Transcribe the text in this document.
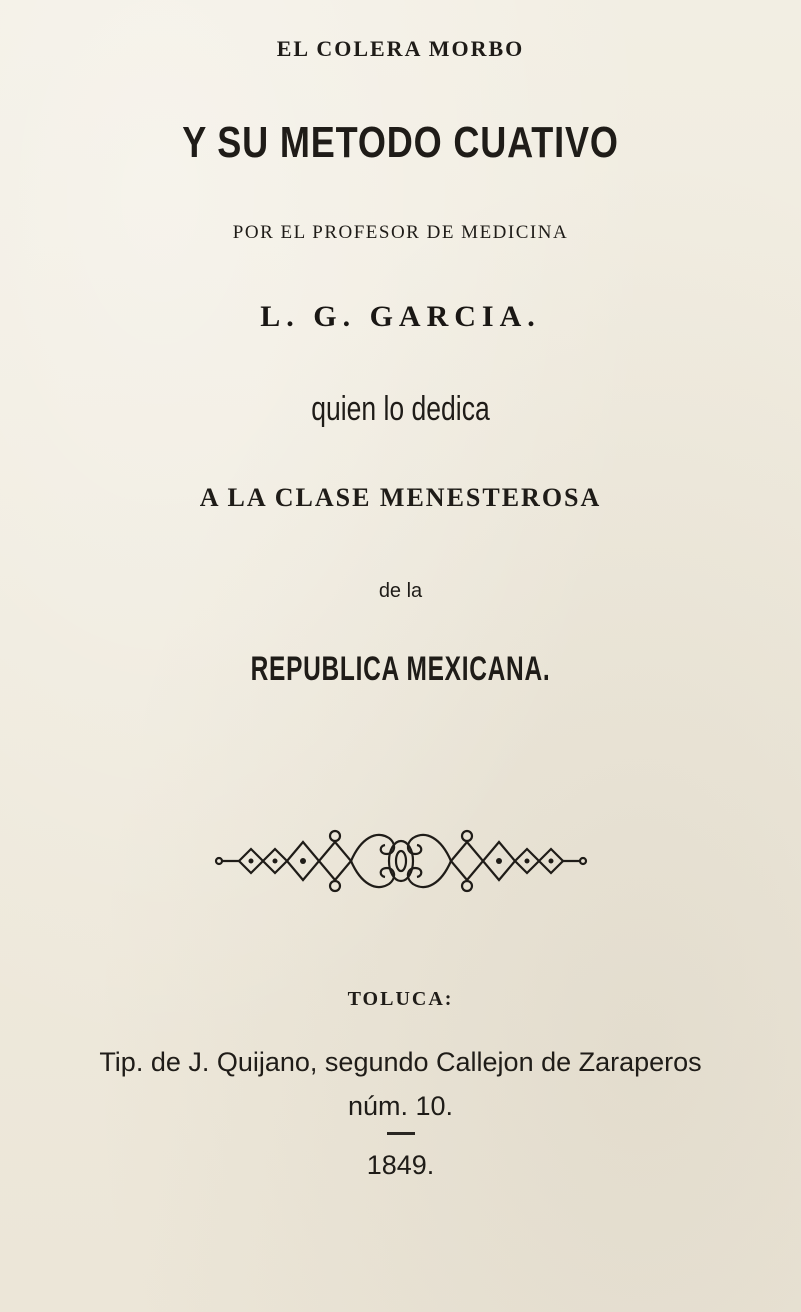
EL COLERA MORBO
Y SU METODO CUATIVO
POR EL PROFESOR DE MEDICINA
L. G. GARCIA.
quien lo dedica
A LA CLASE MENESTEROSA
de la
REPUBLICA MEXICANA.
TOLUCA:
Tip. de J. Quijano, segundo Callejon de Zaraperos
núm. 10.
1849.
